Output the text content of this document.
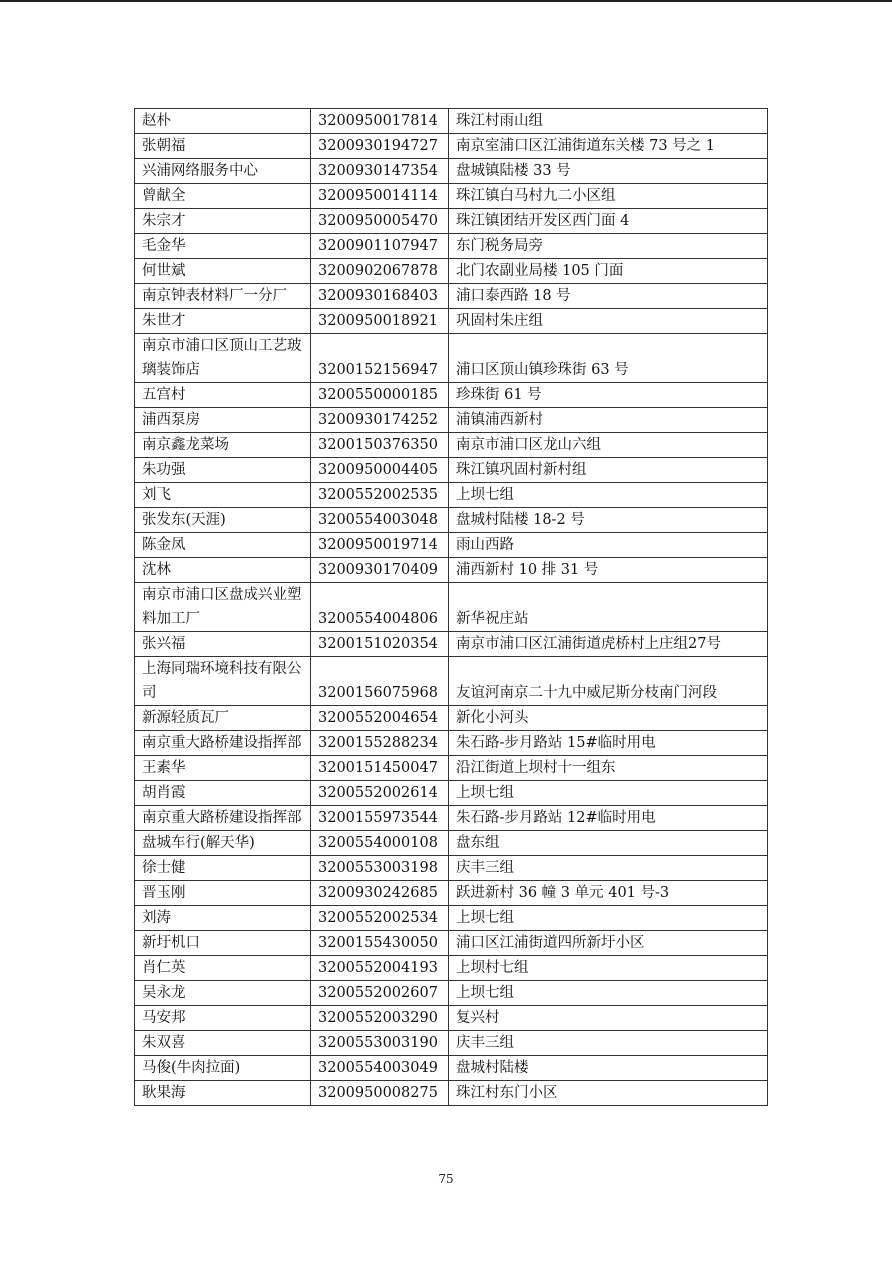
赵朴	3200950017814	珠江村雨山组
张朝福	3200930194727	南京室浦口区江浦街道东关楼 73 号之 1
兴浦网络服务中心	3200930147354	盘城镇陆楼 33 号
曾献全	3200950014114	珠江镇白马村九二小区组
朱宗才	3200950005470	珠江镇团结开发区西门面 4
毛金华	3200901107947	东门税务局旁
何世斌	3200902067878	北门农副业局楼 105 门面
南京钟表材料厂一分厂	3200930168403	浦口泰西路 18 号
朱世才	3200950018921	巩固村朱庄组
南京市浦口区顶山工艺玻璃装饰店	3200152156947	浦口区顶山镇珍珠街 63 号
五宫村	3200550000185	珍珠街 61 号
浦西泵房	3200930174252	浦镇浦西新村
南京鑫龙菜场	3200150376350	南京市浦口区龙山六组
朱功强	3200950004405	珠江镇巩固村新村组
刘飞	3200552002535	上坝七组
张发东(天涯)	3200554003048	盘城村陆楼 18-2 号
陈金凤	3200950019714	雨山西路
沈林	3200930170409	浦西新村 10 排 31 号
南京市浦口区盘成兴业塑料加工厂	3200554004806	新华祝庄站
张兴福	3200151020354	南京市浦口区江浦街道虎桥村上庄组27号
上海同瑞环境科技有限公司	3200156075968	友谊河南京二十九中威尼斯分枝南门河段
新源轻质瓦厂	3200552004654	新化小河头
南京重大路桥建设指挥部	3200155288234	朱石路-步月路站 15#临时用电
王素华	3200151450047	沿江街道上坝村十一组东
胡肖霞	3200552002614	上坝七组
南京重大路桥建设指挥部	3200155973544	朱石路-步月路站 12#临时用电
盘城车行(解天华)	3200554000108	盘东组
徐士健	3200553003198	庆丰三组
晋玉刚	3200930242685	跃进新村 36 幢 3 单元 401 号-3
刘涛	3200552002534	上坝七组
新圩机口	3200155430050	浦口区江浦街道四所新圩小区
肖仁英	3200552004193	上坝村七组
吴永龙	3200552002607	上坝七组
马安邦	3200552003290	复兴村
朱双喜	3200553003190	庆丰三组
马俊(牛肉拉面)	3200554003049	盘城村陆楼
耿果海	3200950008275	珠江村东门小区
75
